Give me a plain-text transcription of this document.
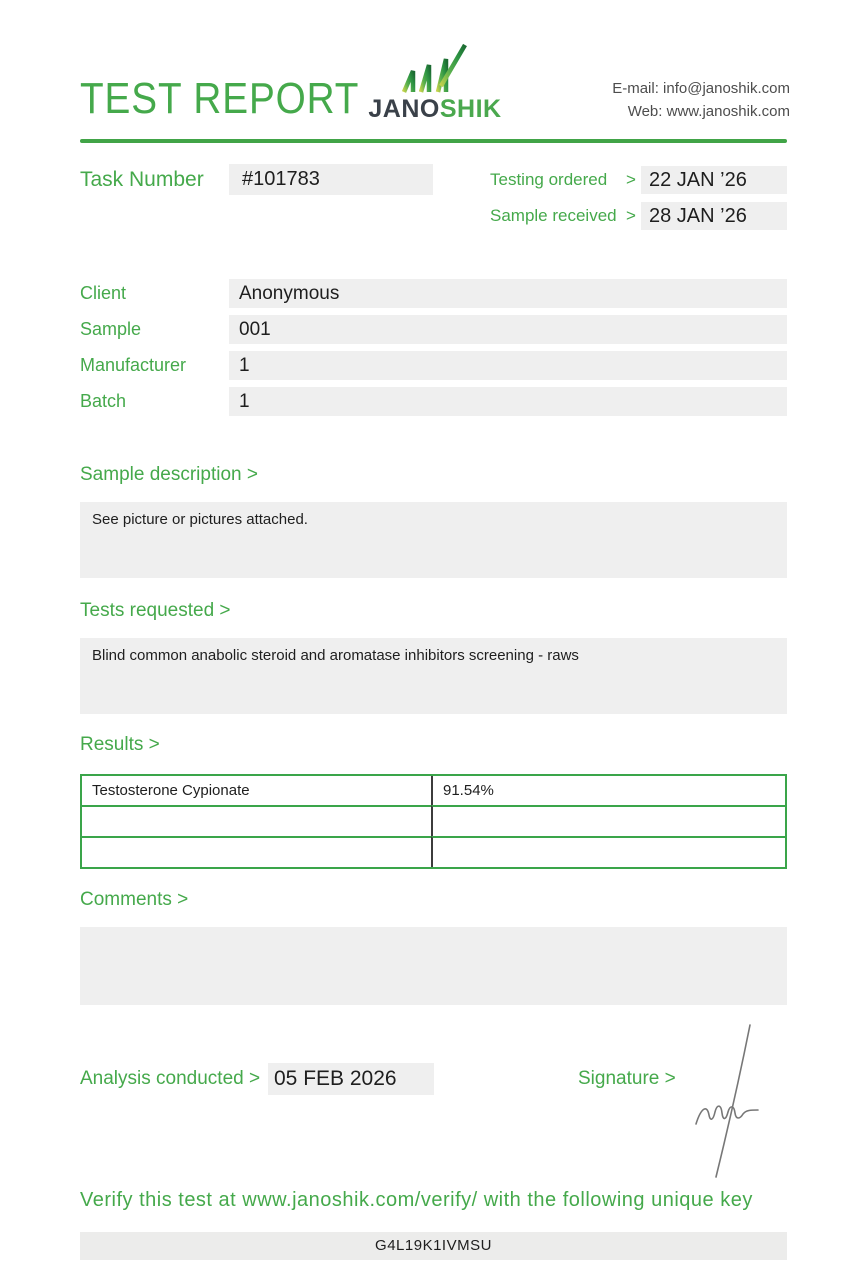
TEST REPORT JANOSHIK
E-mail: info@janoshik.com
Web: www.janoshik.com
Task Number	#101783	Testing ordered	> 22 JAN ’26
Sample received > 28 JAN ’26
Client	Anonymous
Sample	001
Manufacturer	1
Batch	1
Sample description >
See picture or pictures attached.
Tests requested >
Blind common anabolic steroid and aromatase inhibitors screening - raws
Results >
Testosterone Cypionate	91.54%
Comments >
Analysis conducted > 05 FEB 2026	Signature >
Verify this test at www.janoshik.com/verify/ with the following unique key
G4L19K1IVMSU
